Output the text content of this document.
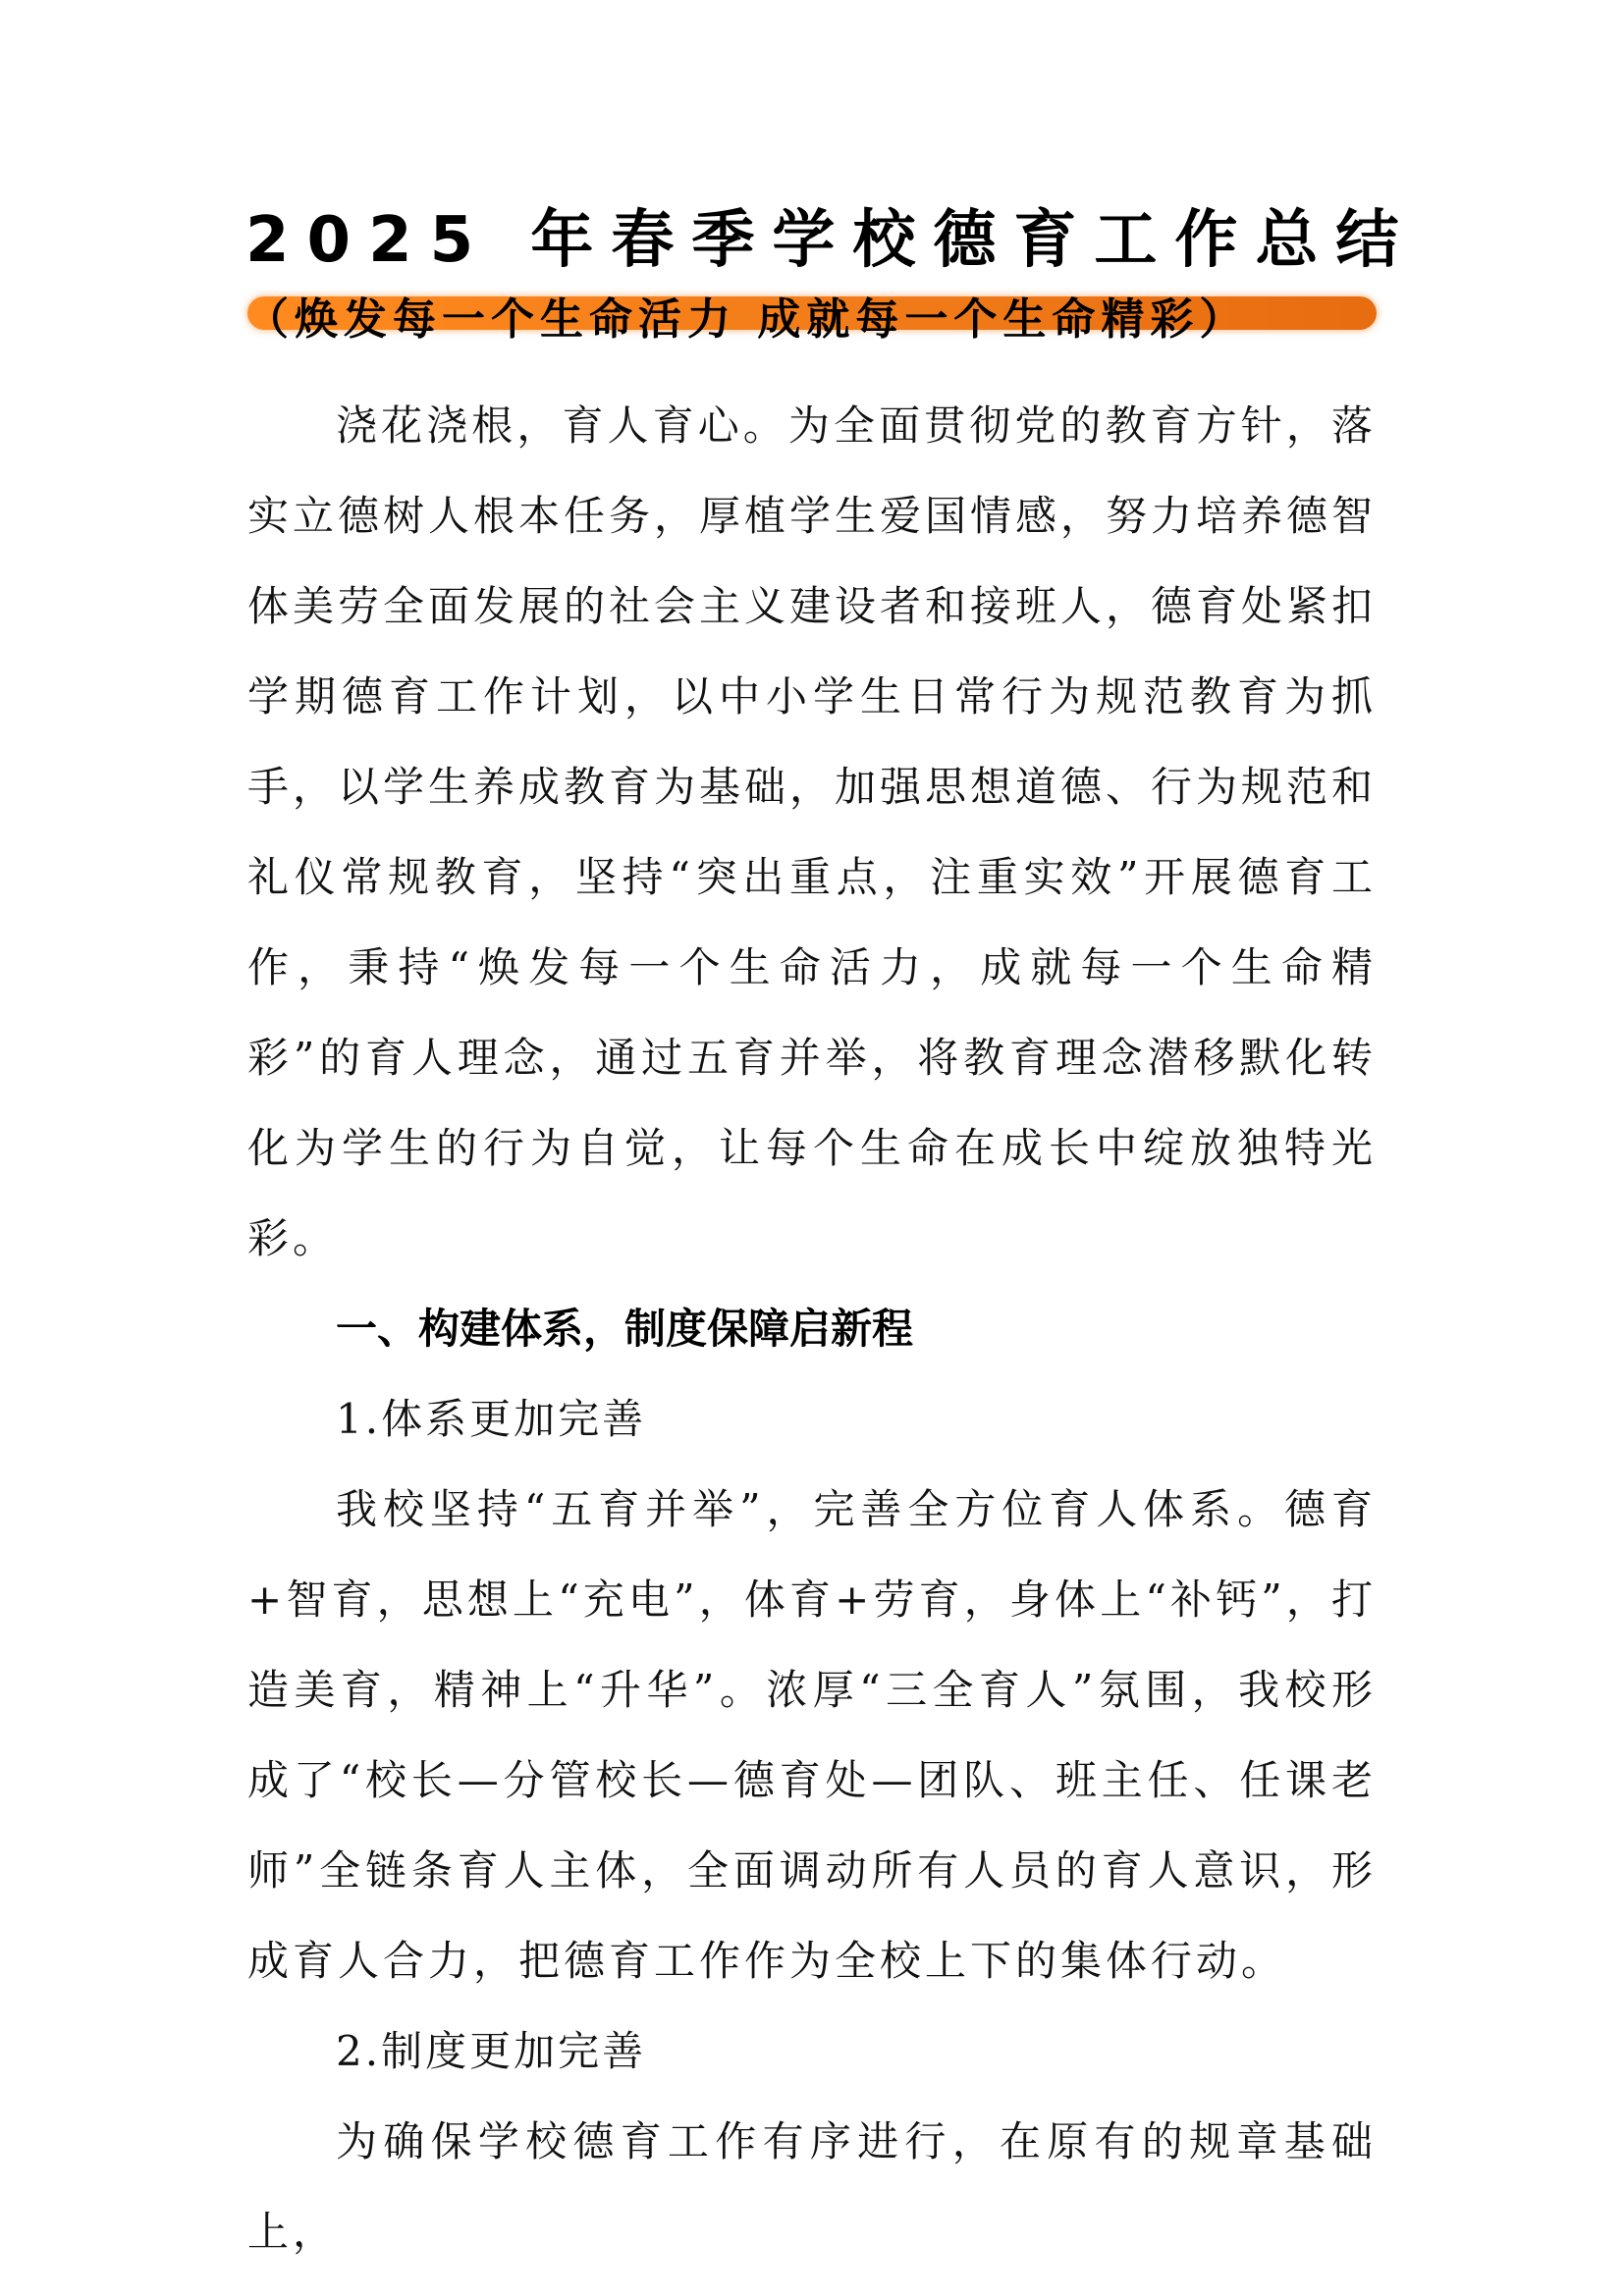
2025 年春季学校德育工作总结
（焕发每一个生命活力 成就每一个生命精彩）

浇花浇根，育人育心。为全面贯彻党的教育方针，落实立德树人根本任务，厚植学生爱国情感，努力培养德智体美劳全面发展的社会主义建设者和接班人，德育处紧扣学期德育工作计划，以中小学生日常行为规范教育为抓手，以学生养成教育为基础，加强思想道德、行为规范和礼仪常规教育，坚持“突出重点，注重实效”开展德育工作，秉持“焕发每一个生命活力，成就每一个生命精彩”的育人理念，通过五育并举，将教育理念潜移默化转化为学生的行为自觉，让每个生命在成长中绽放独特光彩。

一、构建体系，制度保障启新程

1.体系更加完善

我校坚持“五育并举”，完善全方位育人体系。德育+智育，思想上“充电”，体育+劳育，身体上“补钙”，打造美育，精神上“升华”。浓厚“三全育人”氛围，我校形成了“校长—分管校长—德育处—团队、班主任、任课老师”全链条育人主体，全面调动所有人员的育人意识，形成育人合力，把德育工作作为全校上下的集体行动。

2.制度更加完善

为确保学校德育工作有序进行，在原有的规章基础上，
